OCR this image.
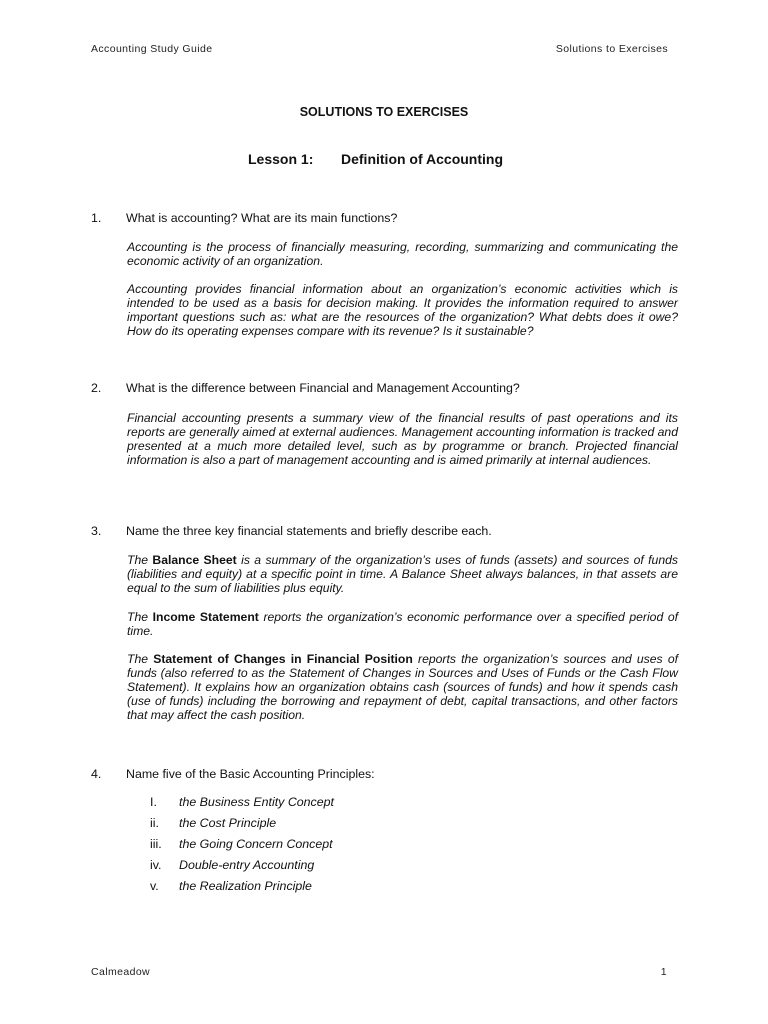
Accounting Study Guide	Solutions to Exercises
SOLUTIONS TO EXERCISES
Lesson 1: Definition of Accounting
1. What is accounting? What are its main functions?
Accounting is the process of financially measuring, recording, summarizing and communicating the economic activity of an organization.
Accounting provides financial information about an organization’s economic activities which is intended to be used as a basis for decision making. It provides the information required to answer important questions such as: what are the resources of the organization? What debts does it owe? How do its operating expenses compare with its revenue? Is it sustainable?
2. What is the difference between Financial and Management Accounting?
Financial accounting presents a summary view of the financial results of past operations and its reports are generally aimed at external audiences. Management accounting information is tracked and presented at a much more detailed level, such as by programme or branch. Projected financial information is also a part of management accounting and is aimed primarily at internal audiences.
3. Name the three key financial statements and briefly describe each.
The Balance Sheet is a summary of the organization’s uses of funds (assets) and sources of funds (liabilities and equity) at a specific point in time. A Balance Sheet always balances, in that assets are equal to the sum of liabilities plus equity.
The Income Statement reports the organization’s economic performance over a specified period of time.
The Statement of Changes in Financial Position reports the organization’s sources and uses of funds (also referred to as the Statement of Changes in Sources and Uses of Funds or the Cash Flow Statement). It explains how an organization obtains cash (sources of funds) and how it spends cash (use of funds) including the borrowing and repayment of debt, capital transactions, and other factors that may affect the cash position.
4. Name five of the Basic Accounting Principles:
I. the Business Entity Concept
ii. the Cost Principle
iii. the Going Concern Concept
iv. Double-entry Accounting
v. the Realization Principle
Calmeadow	1
